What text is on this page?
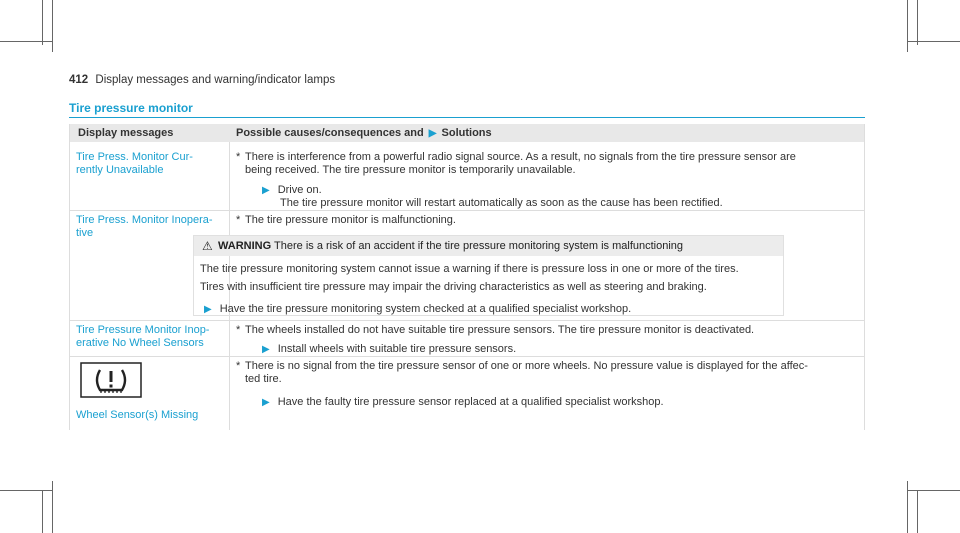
412 Display messages and warning/indicator lamps
Tire pressure monitor
Display messages	Possible causes/consequences and ▶ Solutions
Tire Press. Monitor Cur-
rently Unavailable
* There is interference from a powerful radio signal source. As a result, no signals from the tire pressure sensor are
being received. The tire pressure monitor is temporarily unavailable.
▶ Drive on.
The tire pressure monitor will restart automatically as soon as the cause has been rectified.
Tire Press. Monitor Inopera-
tive
* The tire pressure monitor is malfunctioning.
Tire Pressure Monitor Inop-
erative No Wheel Sensors
* The wheels installed do not have suitable tire pressure sensors. The tire pressure monitor is deactivated.
▶ Install wheels with suitable tire pressure sensors.
Wheel Sensor(s) Missing
* There is no signal from the tire pressure sensor of one or more wheels. No pressure value is displayed for the affec-
ted tire.
▶ Have the faulty tire pressure sensor replaced at a qualified specialist workshop.
⚠ WARNING There is a risk of an accident if the tire pressure monitoring system is malfunctioning
The tire pressure monitoring system cannot issue a warning if there is pressure loss in one or more of the tires.
Tires with insufficient tire pressure may impair the driving characteristics as well as steering and braking.
▶ Have the tire pressure monitoring system checked at a qualified specialist workshop.
